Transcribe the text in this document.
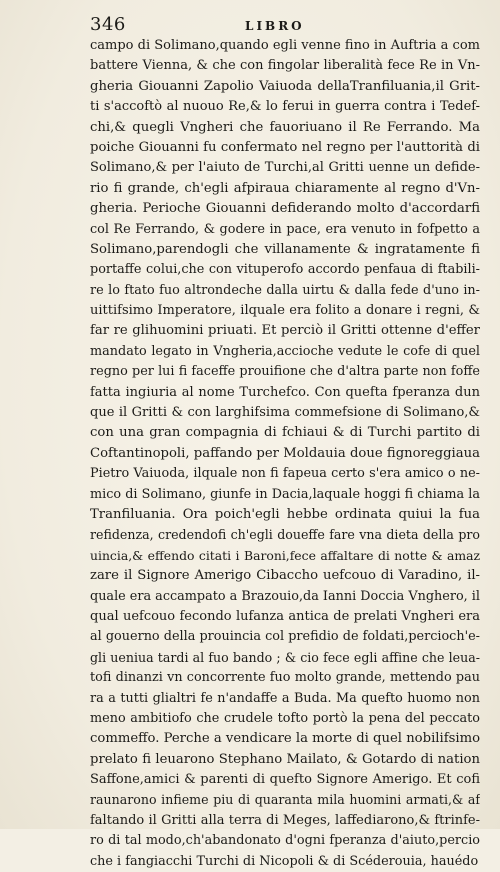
346	LIBRO
campo di Solimano,quando egli venne fino in Auftria a com
battere Vienna, & che con fingolar liberalità fece Re in Vn-
gheria Giouanni Zapolio Vaiuoda dellaTranfiluania,il Grit-
ti s'accoftò al nuouo Re,& lo ferui in guerra contra i Tedef-
chi,& quegli Vngheri che fauoriuano il Re Ferrando. Ma
poiche Giouanni fu confermato nel regno per l'auttorità di
Solimano,& per l'aiuto de Turchi,al Gritti uenne un defide-
rio fi grande, ch'egli afpiraua chiaramente al regno d'Vn-
gheria. Perioche Giouanni defiderando molto d'accordarfi
col Re Ferrando, & godere in pace, era venuto in fofpetto a
Solimano,parendogli che villanamente & ingratamente fi
portaffe colui,che con vituperofo accordo penfaua di ftabili-
re lo ftato fuo altrondeche dalla uirtu & dalla fede d'uno in-
uittifsimo Imperatore, ilquale era folito a donare i regni, &
far re glihuomini priuati. Et perciò il Gritti ottenne d'effer
mandato legato in Vngheria,accioche vedute le cofe di quel
regno per lui fi faceffe prouifione che d'altra parte non foffe
fatta ingiuria al nome Turchefco. Con quefta fperanza dun
que il Gritti & con larghifsima commefsione di Solimano,&
con una gran compagnia di fchiaui & di Turchi partito di
Coftantinopoli, paffando per Moldauia doue fignoreggiaua
Pietro Vaiuoda, ilquale non fi fapeua certo s'era amico o ne-
mico di Solimano, giunfe in Dacia,laquale hoggi fi chiama la
Tranfiluania. Ora poich'egli hebbe ordinata quiui la fua
refidenza, credendofi ch'egli doueffe fare vna dieta della pro
uincia,& effendo citati i Baroni,fece affaltare di notte & amaz
zare il Signore Amerigo Cibaccho uefcouo di Varadino, il-
quale era accampato a Brazouio,da Ianni Doccia Vnghero, il
qual uefcouo fecondo lufanza antica de prelati Vngheri era
al gouerno della prouincia col prefidio de foldati,percioch'e-
gli ueniua tardi al fuo bando ; & cio fece egli affine che leua-
tofi dinanzi vn concorrente fuo molto grande, mettendo pau
ra a tutti glialtri fe n'andaffe a Buda. Ma quefto huomo non
meno ambitiofo che crudele tofto portò la pena del peccato
commeffo. Perche a vendicare la morte di quel nobilifsimo
prelato fi leuarono Stephano Mailato, & Gotardo di nation
Saffone,amici & parenti di quefto Signore Amerigo. Et cofi
raunarono infieme piu di quaranta mila huomini armati,& af
faltando il Gritti alla terra di Meges, laffediarono,& ftrinfe-
ro di tal modo,ch'abandonato d'ogni fperanza d'aiuto,percio
che i fangiacchi Turchi di Nicopoli & di Scéderouia, hauédo
